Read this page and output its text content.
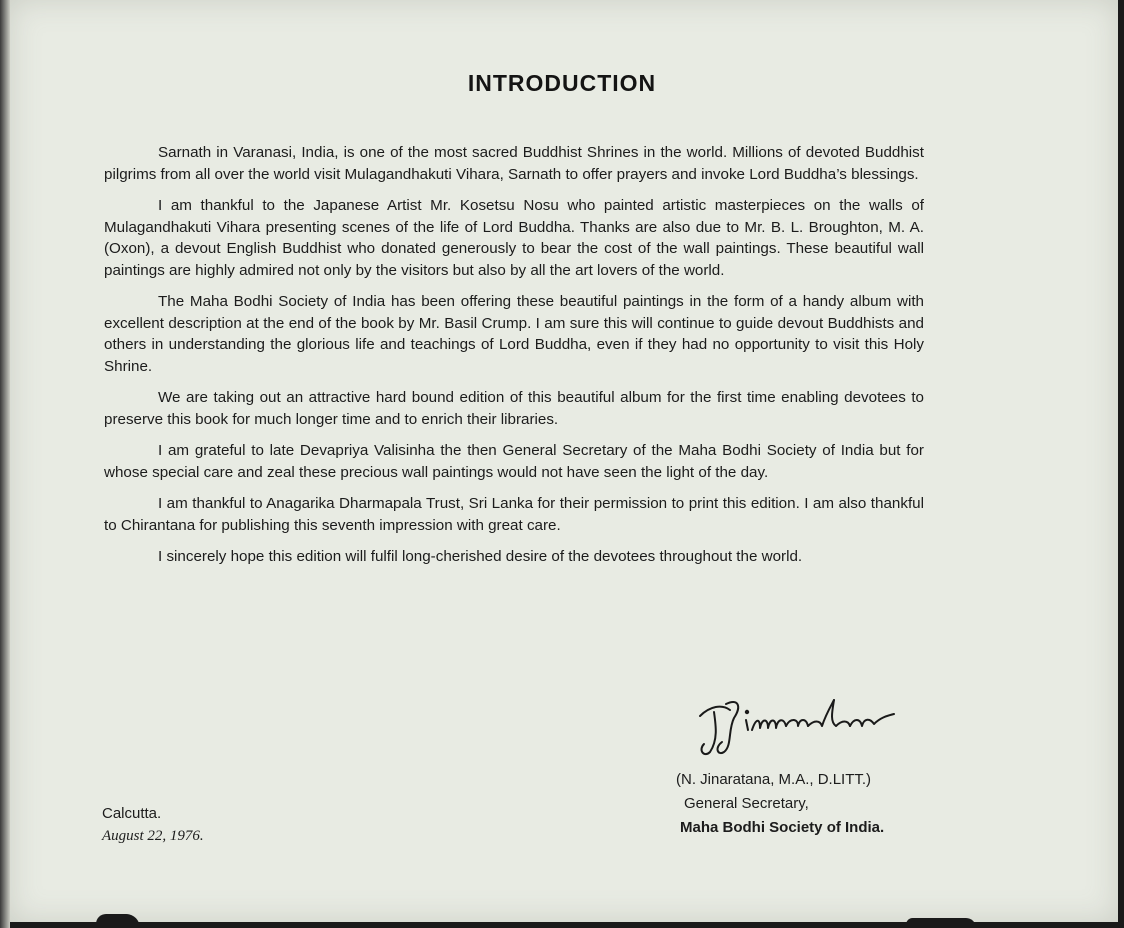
INTRODUCTION

Sarnath in Varanasi, India, is one of the most sacred Buddhist Shrines in the world. Millions of devoted Buddhist pilgrims from all over the world visit Mulagandhakuti Vihara, Sarnath to offer prayers and invoke Lord Buddha’s blessings.

I am thankful to the Japanese Artist Mr. Kosetsu Nosu who painted artistic masterpieces on the walls of Mulagandhakuti Vihara presenting scenes of the life of Lord Buddha. Thanks are also due to Mr. B. L. Broughton, M. A. (Oxon), a devout English Buddhist who donated generously to bear the cost of the wall paintings. These beautiful wall paintings are highly admired not only by the visitors but also by all the art lovers of the world.

The Maha Bodhi Society of India has been offering these beautiful paintings in the form of a handy album with excellent description at the end of the book by Mr. Basil Crump. I am sure this will continue to guide devout Buddhists and others in understanding the glorious life and teachings of Lord Buddha, even if they had no opportunity to visit this Holy Shrine.

We are taking out an attractive hard bound edition of this beautiful album for the first time enabling devotees to preserve this book for much longer time and to enrich their libraries.

I am grateful to late Devapriya Valisinha the then General Secretary of the Maha Bodhi Society of India but for whose special care and zeal these precious wall paintings would not have seen the light of the day.

I am thankful to Anagarika Dharmapala Trust, Sri Lanka for their permission to print this edition. I am also thankful to Chirantana for publishing this seventh impression with great care.

I sincerely hope this edition will fulfil long-cherished desire of the devotees throughout the world.

(N. Jinaratana, M.A., D.LITT.)
General Secretary,
Maha Bodhi Society of India.
Calcutta.
August 22, 1976.
